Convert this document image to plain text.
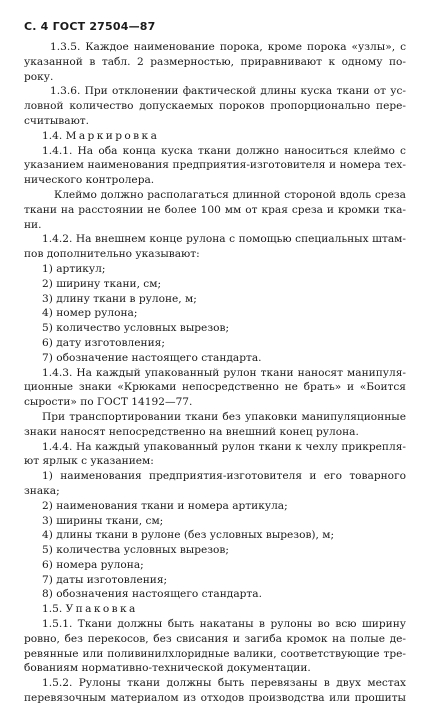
С. 4 ГОСТ 27504—87
1.3.5. Каждое наименование порока, кроме порока «узлы», с
указанной в табл. 2 размерностью, приравнивают к одному по-
року.
1.3.6. При отклонении фактической длины куска ткани от ус-
ловной количество допускаемых пороков пропорционально пере-
считывают.
1.4. Маркировка
1.4.1. На оба конца куска ткани должно наноситься клеймо с
указанием наименования предприятия-изготовителя и номера тех-
нического контролера.
Клеймо должно располагаться длинной стороной вдоль среза
ткани на расстоянии не более 100 мм от края среза и кромки тка-
ни.
1.4.2. На внешнем конце рулона с помощью специальных штам-
пов дополнительно указывают:
1) артикул;
2) ширину ткани, см;
3) длину ткани в рулоне, м;
4) номер рулона;
5) количество условных вырезов;
6) дату изготовления;
7) обозначение настоящего стандарта.
1.4.3. На каждый упакованный рулон ткани наносят манипуля-
ционные знаки «Крюками непосредственно не брать» и «Боится
сырости» по ГОСТ 14192—77.
При транспортировании ткани без упаковки манипуляционные
знаки наносят непосредственно на внешний конец рулона.
1.4.4. На каждый упакованный рулон ткани к чехлу прикрепля-
ют ярлык с указанием:
1) наименования предприятия-изготовителя и его товарного
знака;
2) наименования ткани и номера артикула;
3) ширины ткани, см;
4) длины ткани в рулоне (без условных вырезов), м;
5) количества условных вырезов;
6) номера рулона;
7) даты изготовления;
8) обозначения настоящего стандарта.
1.5. Упаковка
1.5.1. Ткани должны быть накатаны в рулоны во всю ширину
ровно, без перекосов, без свисания и загиба кромок на полые де-
ревянные или поливинилхлоридные валики, соответствующие тре-
бованиям нормативно-технической документации.
1.5.2. Рулоны ткани должны быть перевязаны в двух местах
перевязочным материалом из отходов производства или прошиты
